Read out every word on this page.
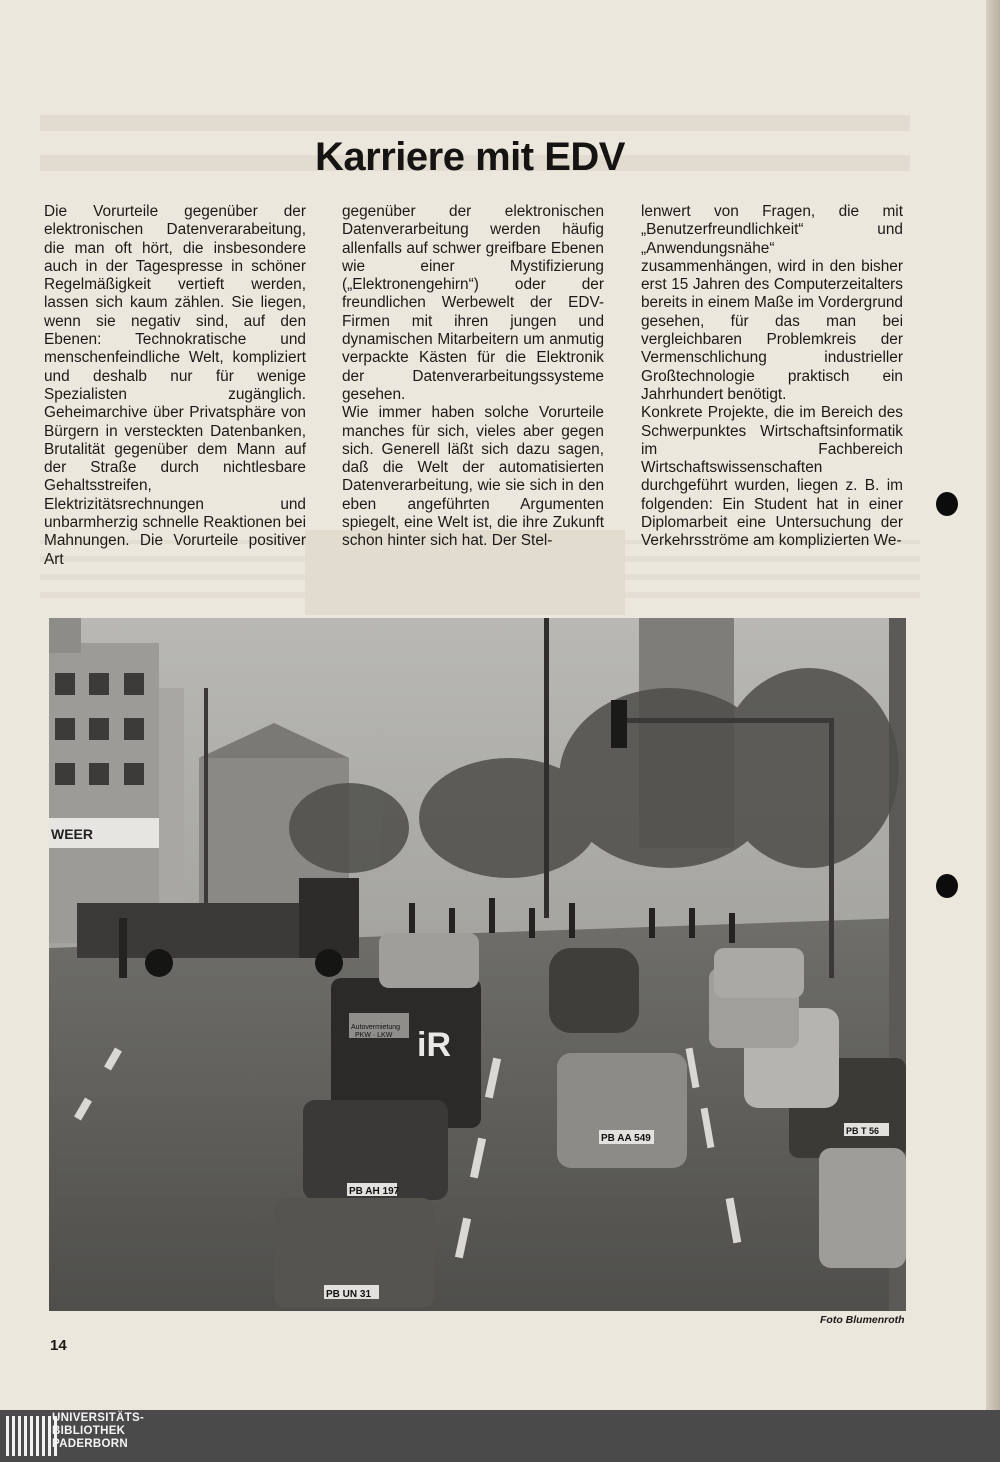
Karriere mit EDV

Die Vorurteile gegenüber der elektronischen Datenverarabeitung, die man oft hört, die insbesondere auch in der Tagespresse in schöner Regelmäßigkeit vertieft werden, lassen sich kaum zählen. Sie liegen, wenn sie negativ sind, auf den Ebenen: Technokratische und menschenfeindliche Welt, kompliziert und deshalb nur für wenige Spezialisten zugänglich. Geheimarchive über Privatsphäre von Bürgern in versteckten Datenbanken, Brutalität gegenüber dem Mann auf der Straße durch nichtlesbare Gehaltsstreifen, Elektrizitätsrechnungen und unbarmherzig schnelle Reaktionen bei Mahnungen. Die Vorurteile positiver Art

gegenüber der elektronischen Datenverarbeitung werden häufig allenfalls auf schwer greifbare Ebenen wie einer Mystifizierung („Elektronengehirn“) oder der freundlichen Werbewelt der EDV-Firmen mit ihren jungen und dynamischen Mitarbeitern um anmutig verpackte Kästen für die Elektronik der Datenverarbeitungssysteme gesehen.

Wie immer haben solche Vorurteile manches für sich, vieles aber gegen sich. Generell läßt sich dazu sagen, daß die Welt der automatisierten Datenverarbeitung, wie sie sich in den eben angeführten Argumenten spiegelt, eine Welt ist, die ihre Zukunft schon hinter sich hat. Der Stel-

lenwert von Fragen, die mit „Benutzerfreundlichkeit“ und „Anwendungsnähe“ zusammenhängen, wird in den bisher erst 15 Jahren des Computerzeitalters bereits in einem Maße im Vordergrund gesehen, für das man bei vergleichbaren Problemkreis der Vermenschlichung industrieller Großtechnologie praktisch ein Jahrhundert benötigt.

Konkrete Projekte, die im Bereich des Schwerpunktes Wirtschaftsinformatik im Fachbereich Wirtschaftswissenschaften durchgeführt wurden, liegen z. B. im folgenden: Ein Student hat in einer Diplomarbeit eine Untersuchung der Verkehrsströme am komplizierten We-

WEER
iR
Autovermietung
PKW · LKW
PB AH 197
PB UN 31
PB AA 549
PB T 56
Foto Blumenroth
14
UNIVERSITÄTS-
BIBLIOTHEK
PADERBORN
